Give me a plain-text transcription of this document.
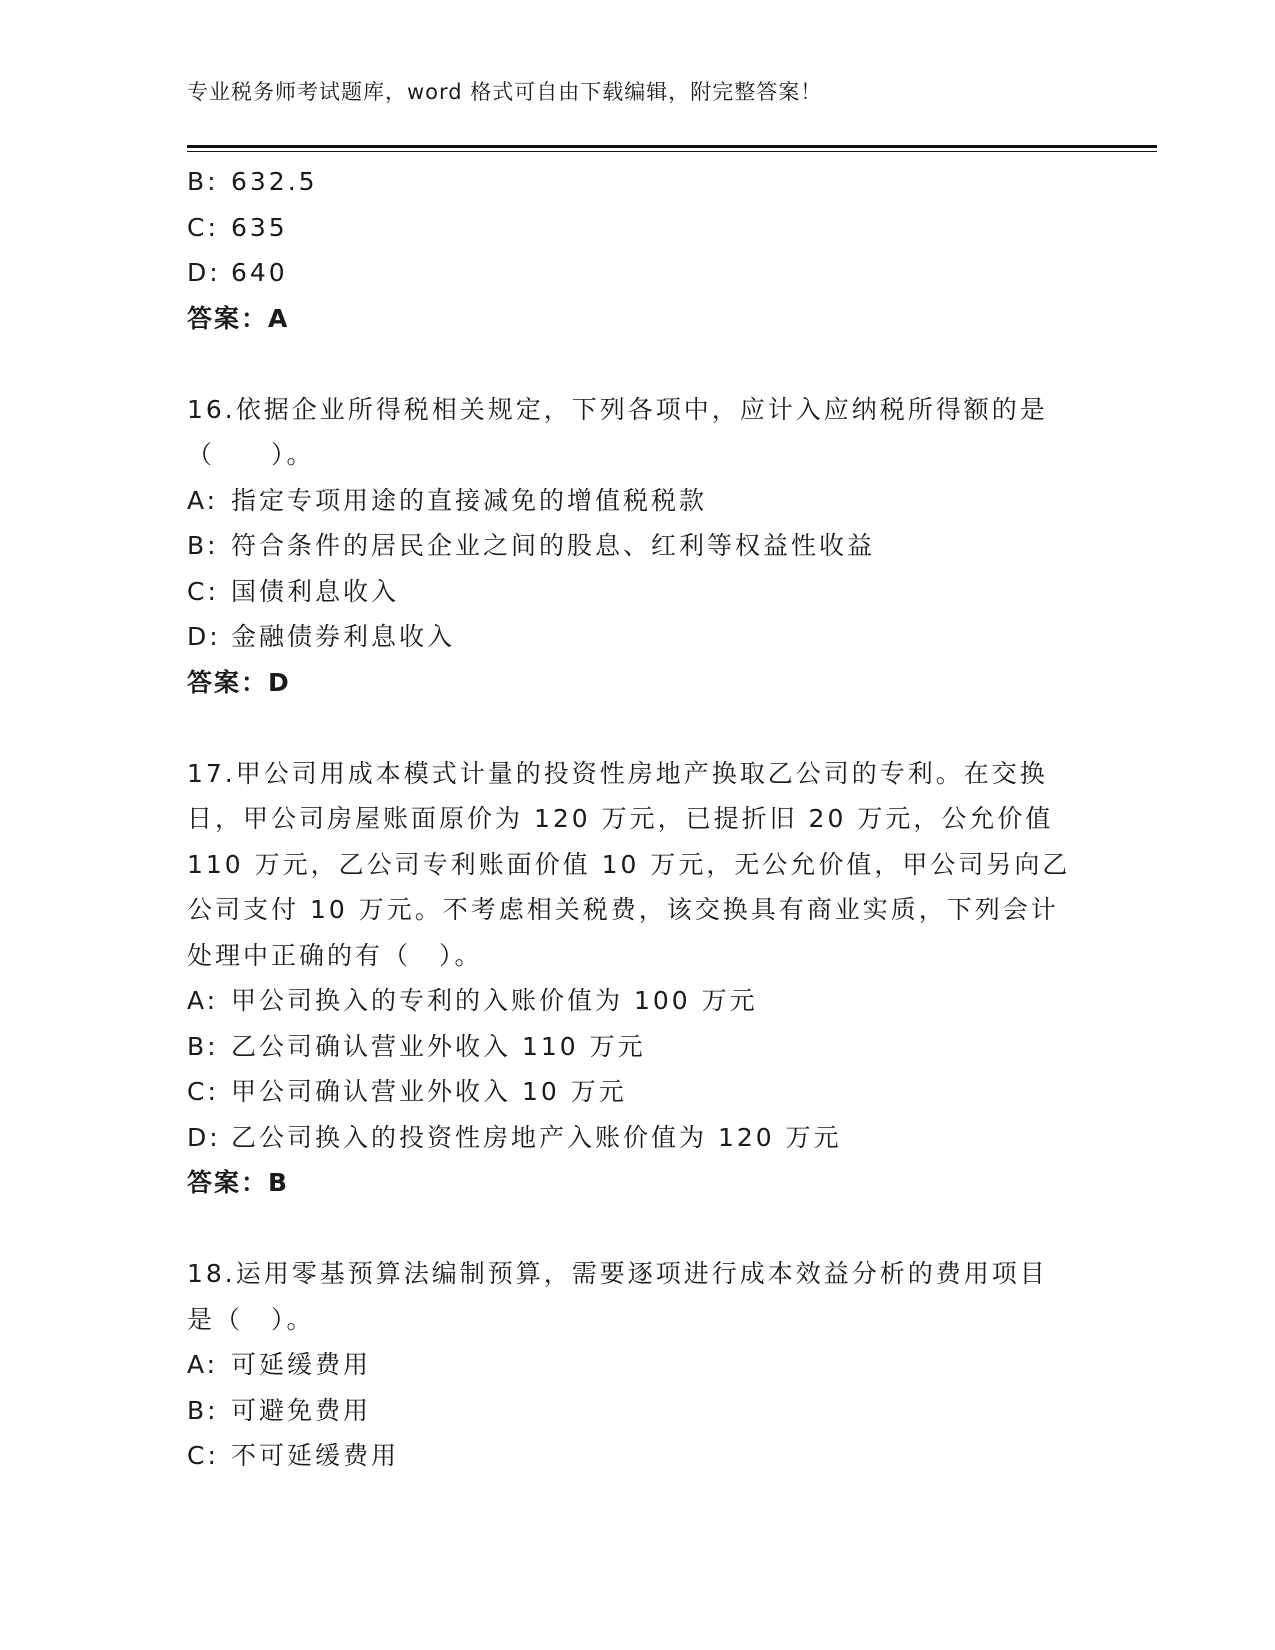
专业税务师考试题库，word 格式可自由下载编辑，附完整答案！
B: 632.5
C: 635
D: 640
答案：A
16.依据企业所得税相关规定，下列各项中，应计入应纳税所得额的是
（　　）。
A: 指定专项用途的直接减免的增值税税款
B: 符合条件的居民企业之间的股息、红利等权益性收益
C: 国债利息收入
D: 金融债券利息收入
答案：D
17.甲公司用成本模式计量的投资性房地产换取乙公司的专利。在交换
日，甲公司房屋账面原价为 120 万元，已提折旧 20 万元，公允价值
110 万元，乙公司专利账面价值 10 万元，无公允价值，甲公司另向乙
公司支付 10 万元。不考虑相关税费，该交换具有商业实质，下列会计
处理中正确的有（　）。
A: 甲公司换入的专利的入账价值为 100 万元
B: 乙公司确认营业外收入 110 万元
C: 甲公司确认营业外收入 10 万元
D: 乙公司换入的投资性房地产入账价值为 120 万元
答案：B
18.运用零基预算法编制预算，需要逐项进行成本效益分析的费用项目
是（　）。
A: 可延缓费用
B: 可避免费用
C: 不可延缓费用
